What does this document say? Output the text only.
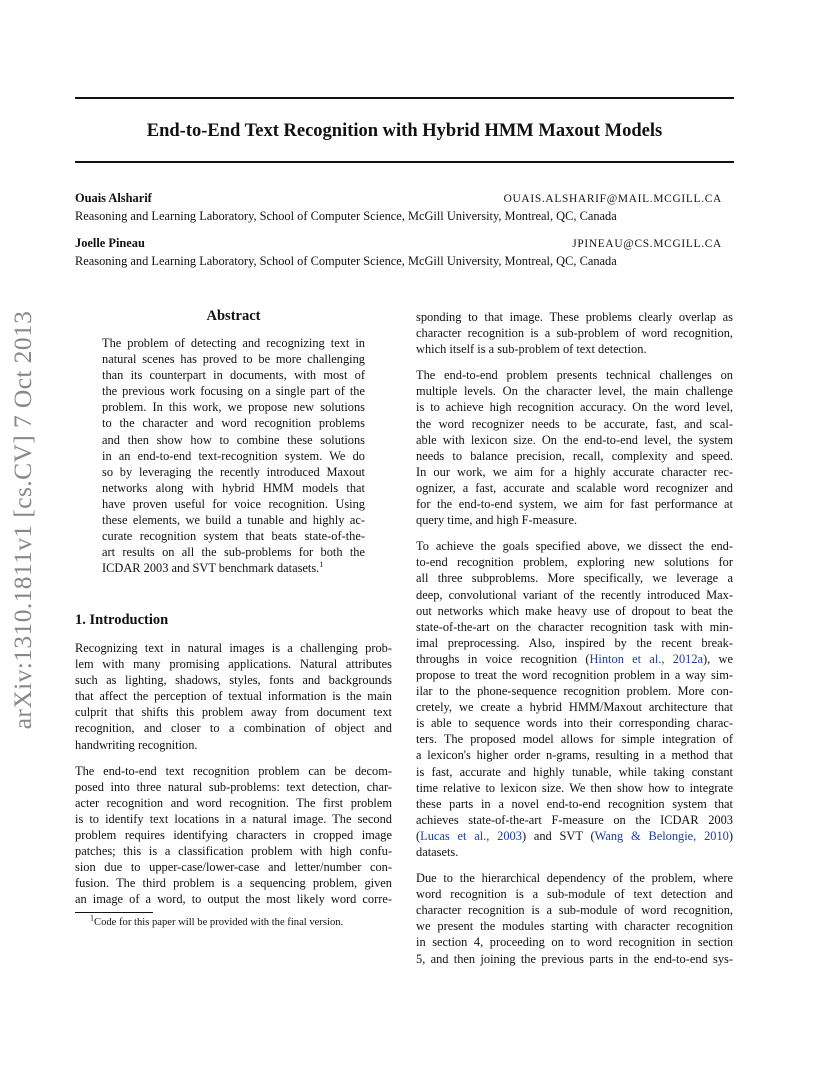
End-to-End Text Recognition with Hybrid HMM Maxout Models
Ouais Alsharif	OUAIS.ALSHARIF@MAIL.MCGILL.CA
Reasoning and Learning Laboratory, School of Computer Science, McGill University, Montreal, QC, Canada
Joelle Pineau	JPINEAU@CS.MCGILL.CA
Reasoning and Learning Laboratory, School of Computer Science, McGill University, Montreal, QC, Canada
arXiv:1310.1811v1 [cs.CV] 7 Oct 2013	Abstract
The problem of detecting and recognizing text in
natural scenes has proved to be more challenging
than its counterpart in documents, with most of
the previous work focusing on a single part of the
problem. In this work, we propose new solutions
to the character and word recognition problems
and then show how to combine these solutions
in an end-to-end text-recognition system. We do
so by leveraging the recently introduced Maxout
networks along with hybrid HMM models that
have proven useful for voice recognition. Using
these elements, we build a tunable and highly ac-
curate recognition system that beats state-of-the-
art results on all the sub-problems for both the
ICDAR 2003 and SVT benchmark datasets.$^1$
1. Introduction
Recognizing text in natural images is a challenging prob-
lem with many promising applications. Natural attributes
such as lighting, shadows, styles, fonts and backgrounds
that affect the perception of textual information is the main
culprit that shifts this problem away from document text
recognition, and closer to a combination of object and
handwriting recognition.
The end-to-end text recognition problem can be decom-
posed into three natural sub-problems: text detection, char-
acter recognition and word recognition. The first problem
is to identify text locations in a natural image. The second
problem requires identifying characters in cropped image
patches; this is a classification problem with high confu-
sion due to upper-case/lower-case and letter/number con-
fusion. The third problem is a sequencing problem, given
an image of a word, to output the most likely word corre-
sponding to that image. These problems clearly overlap as
character recognition is a sub-problem of word recognition,
which itself is a sub-problem of text detection.
The end-to-end problem presents technical challenges on
multiple levels. On the character level, the main challenge
is to achieve high recognition accuracy. On the word level,
the word recognizer needs to be accurate, fast, and scal-
able with lexicon size. On the end-to-end level, the system
needs to balance precision, recall, complexity and speed.
In our work, we aim for a highly accurate character rec-
ognizer, a fast, accurate and scalable word recognizer and
for the end-to-end system, we aim for fast performance at
query time, and high F-measure.
To achieve the goals specified above, we dissect the end-
to-end recognition problem, exploring new solutions for
all three subproblems. More specifically, we leverage a
deep, convolutional variant of the recently introduced Max-
out networks which make heavy use of dropout to beat the
state-of-the-art on the character recognition task with min-
imal preprocessing. Also, inspired by the recent break-
throughs in voice recognition (Hinton et al., 2012a), we
propose to treat the word recognition problem in a way sim-
ilar to the phone-sequence recognition problem. More con-
cretely, we create a hybrid HMM/Maxout architecture that
is able to sequence words into their corresponding charac-
ters. The proposed model allows for simple integration of
a lexicon's higher order n-grams, resulting in a method that
is fast, accurate and highly tunable, while taking constant
time relative to lexicon size. We then show how to integrate
these parts in a novel end-to-end recognition system that
achieves state-of-the-art F-measure on the ICDAR 2003
(Lucas et al., 2003) and SVT (Wang & Belongie, 2010)
datasets.
Due to the hierarchical dependency of the problem, where
word recognition is a sub-module of text detection and
character recognition is a sub-module of word recognition,
we present the modules starting with character recognition
in section 4, proceeding on to word recognition in section
5, and then joining the previous parts in the end-to-end sys-
$^1$Code for this paper will be provided with the final version.
